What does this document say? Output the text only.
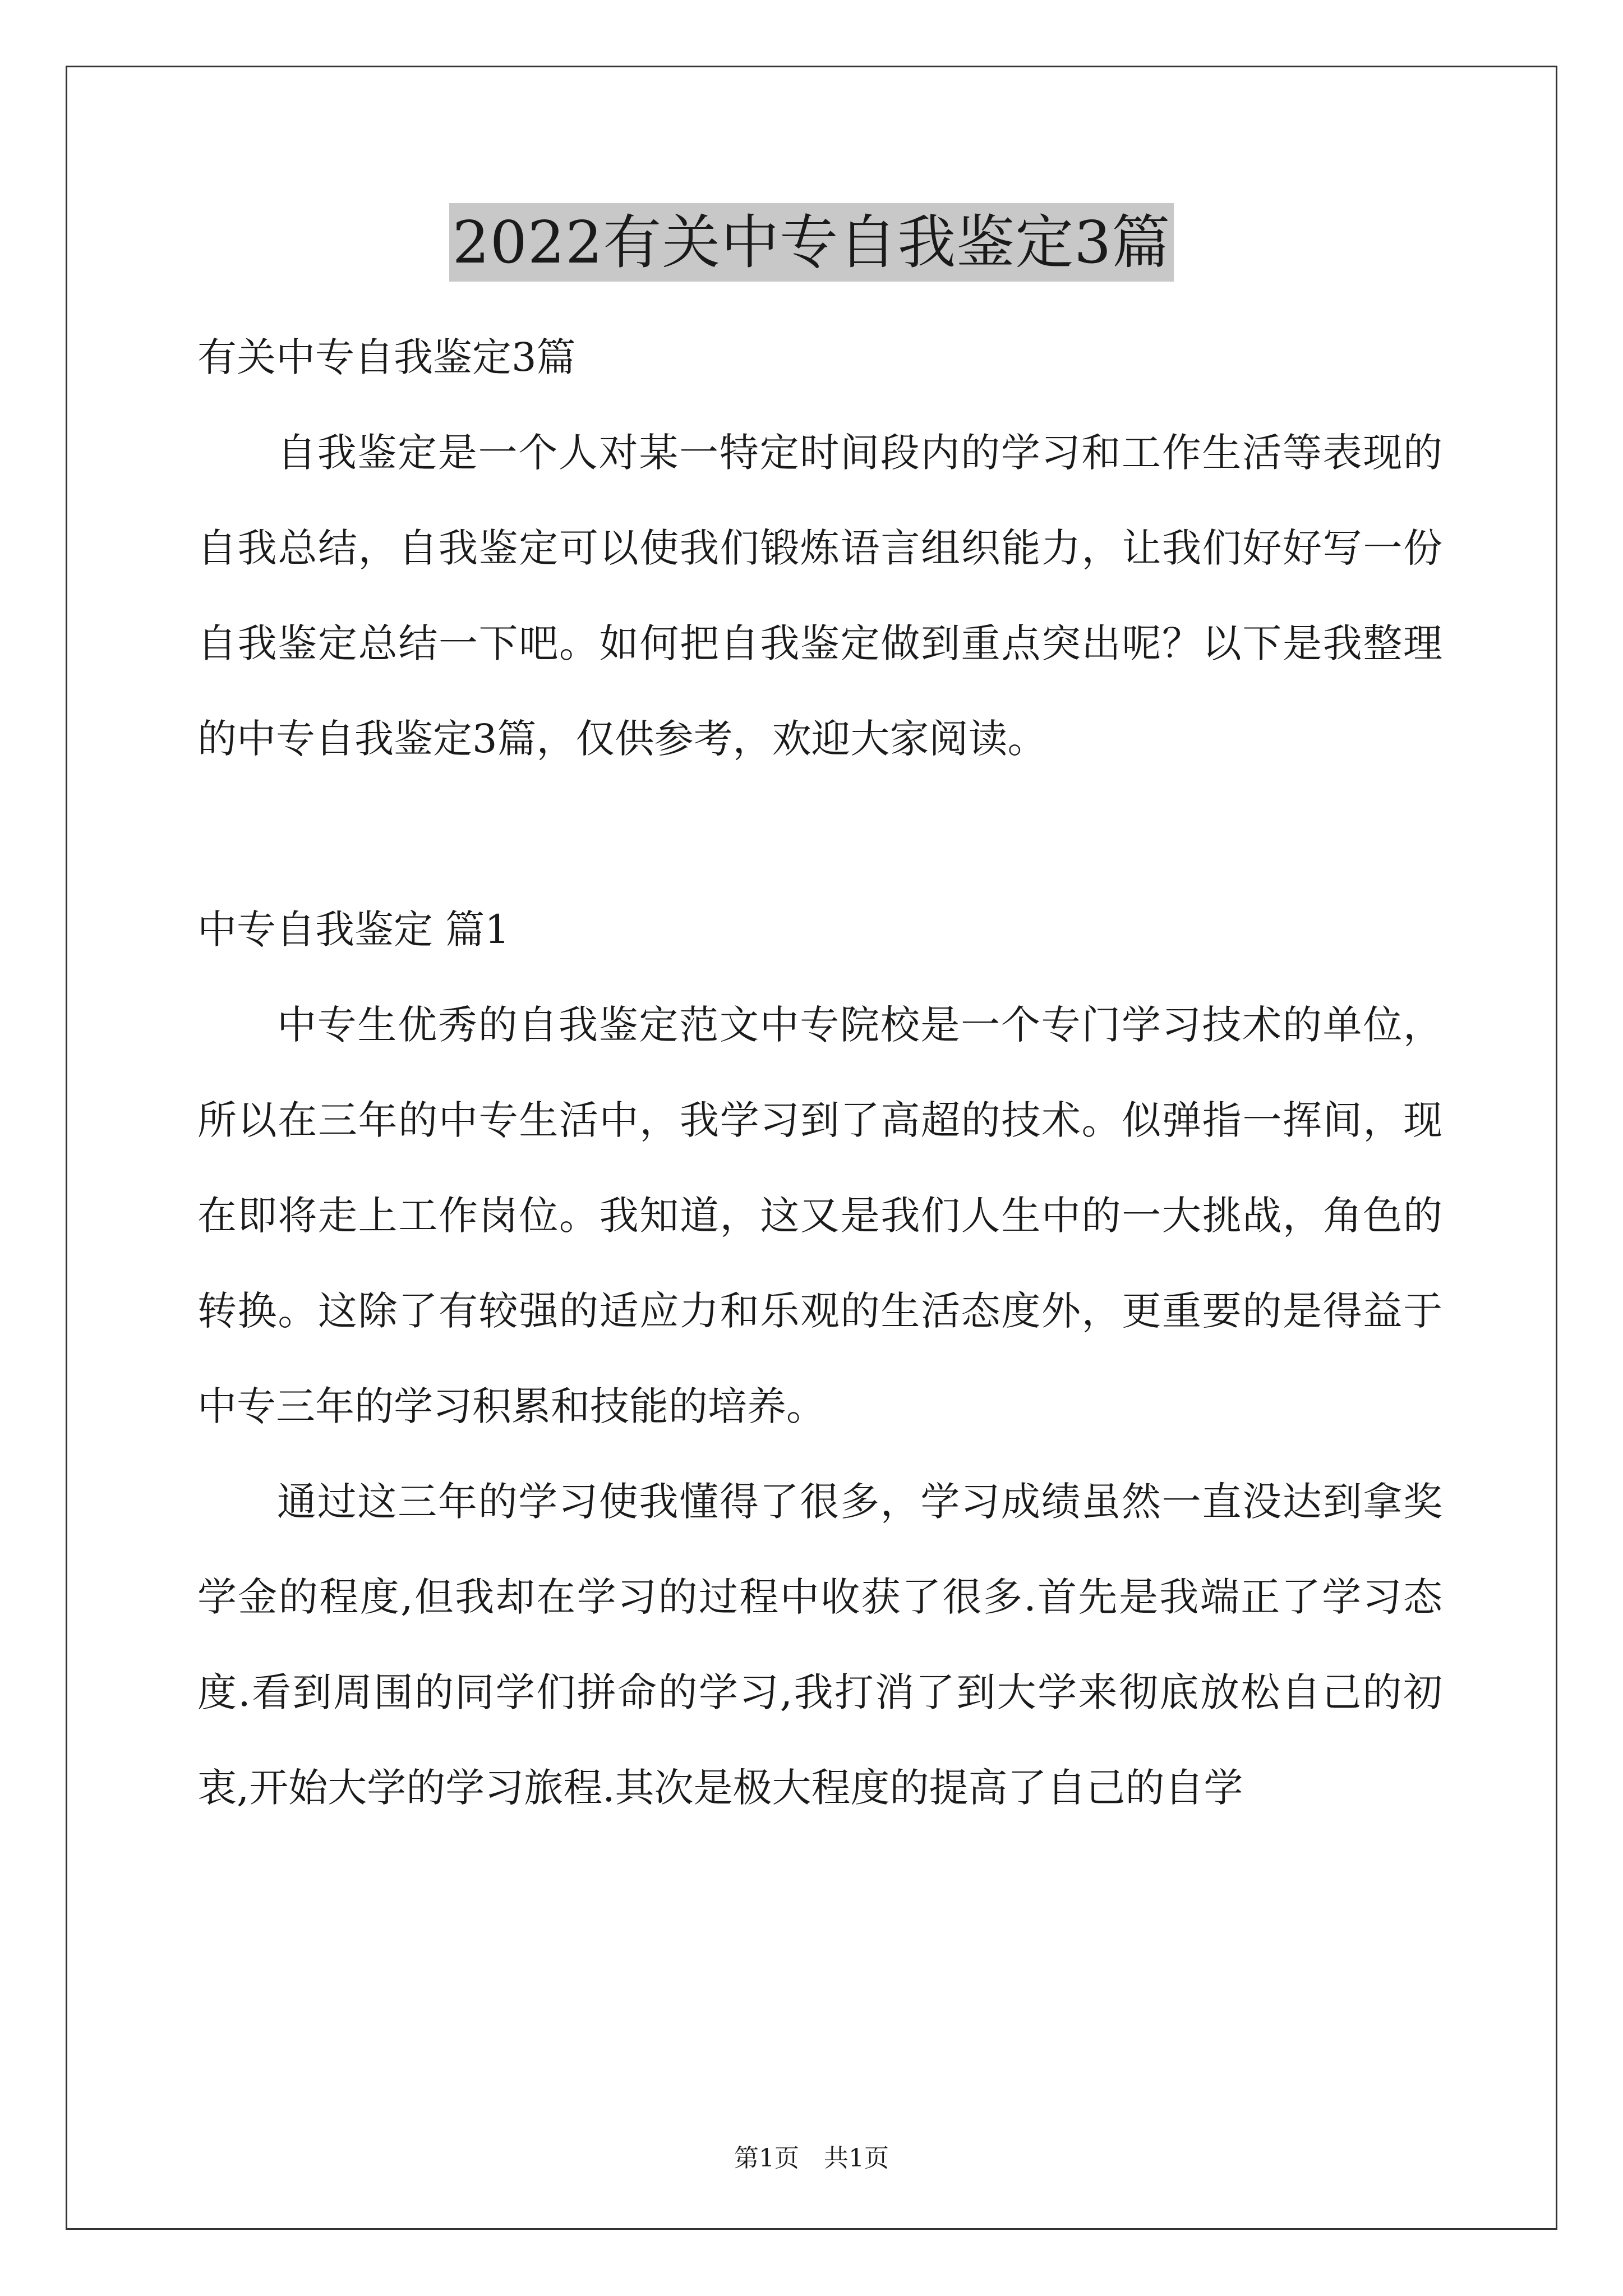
2022有关中专自我鉴定3篇

有关中专自我鉴定3篇

自我鉴定是一个人对某一特定时间段内的学习和工作生活等表现的自我总结，自我鉴定可以使我们锻炼语言组织能力，让我们好好写一份自我鉴定总结一下吧。如何把自我鉴定做到重点突出呢？以下是我整理的中专自我鉴定3篇，仅供参考，欢迎大家阅读。

中专自我鉴定 篇1

中专生优秀的自我鉴定范文中专院校是一个专门学习技术的单位，所以在三年的中专生活中，我学习到了高超的技术。似弹指一挥间，现在即将走上工作岗位。我知道，这又是我们人生中的一大挑战，角色的转换。这除了有较强的适应力和乐观的生活态度外，更重要的是得益于中专三年的学习积累和技能的培养。

通过这三年的学习使我懂得了很多，学习成绩虽然一直没达到拿奖学金的程度,但我却在学习的过程中收获了很多.首先是我端正了学习态度.看到周围的同学们拼命的学习,我打消了到大学来彻底放松自己的初衷,开始大学的学习旅程.其次是极大程度的提高了自己的自学

第1页 共1页
